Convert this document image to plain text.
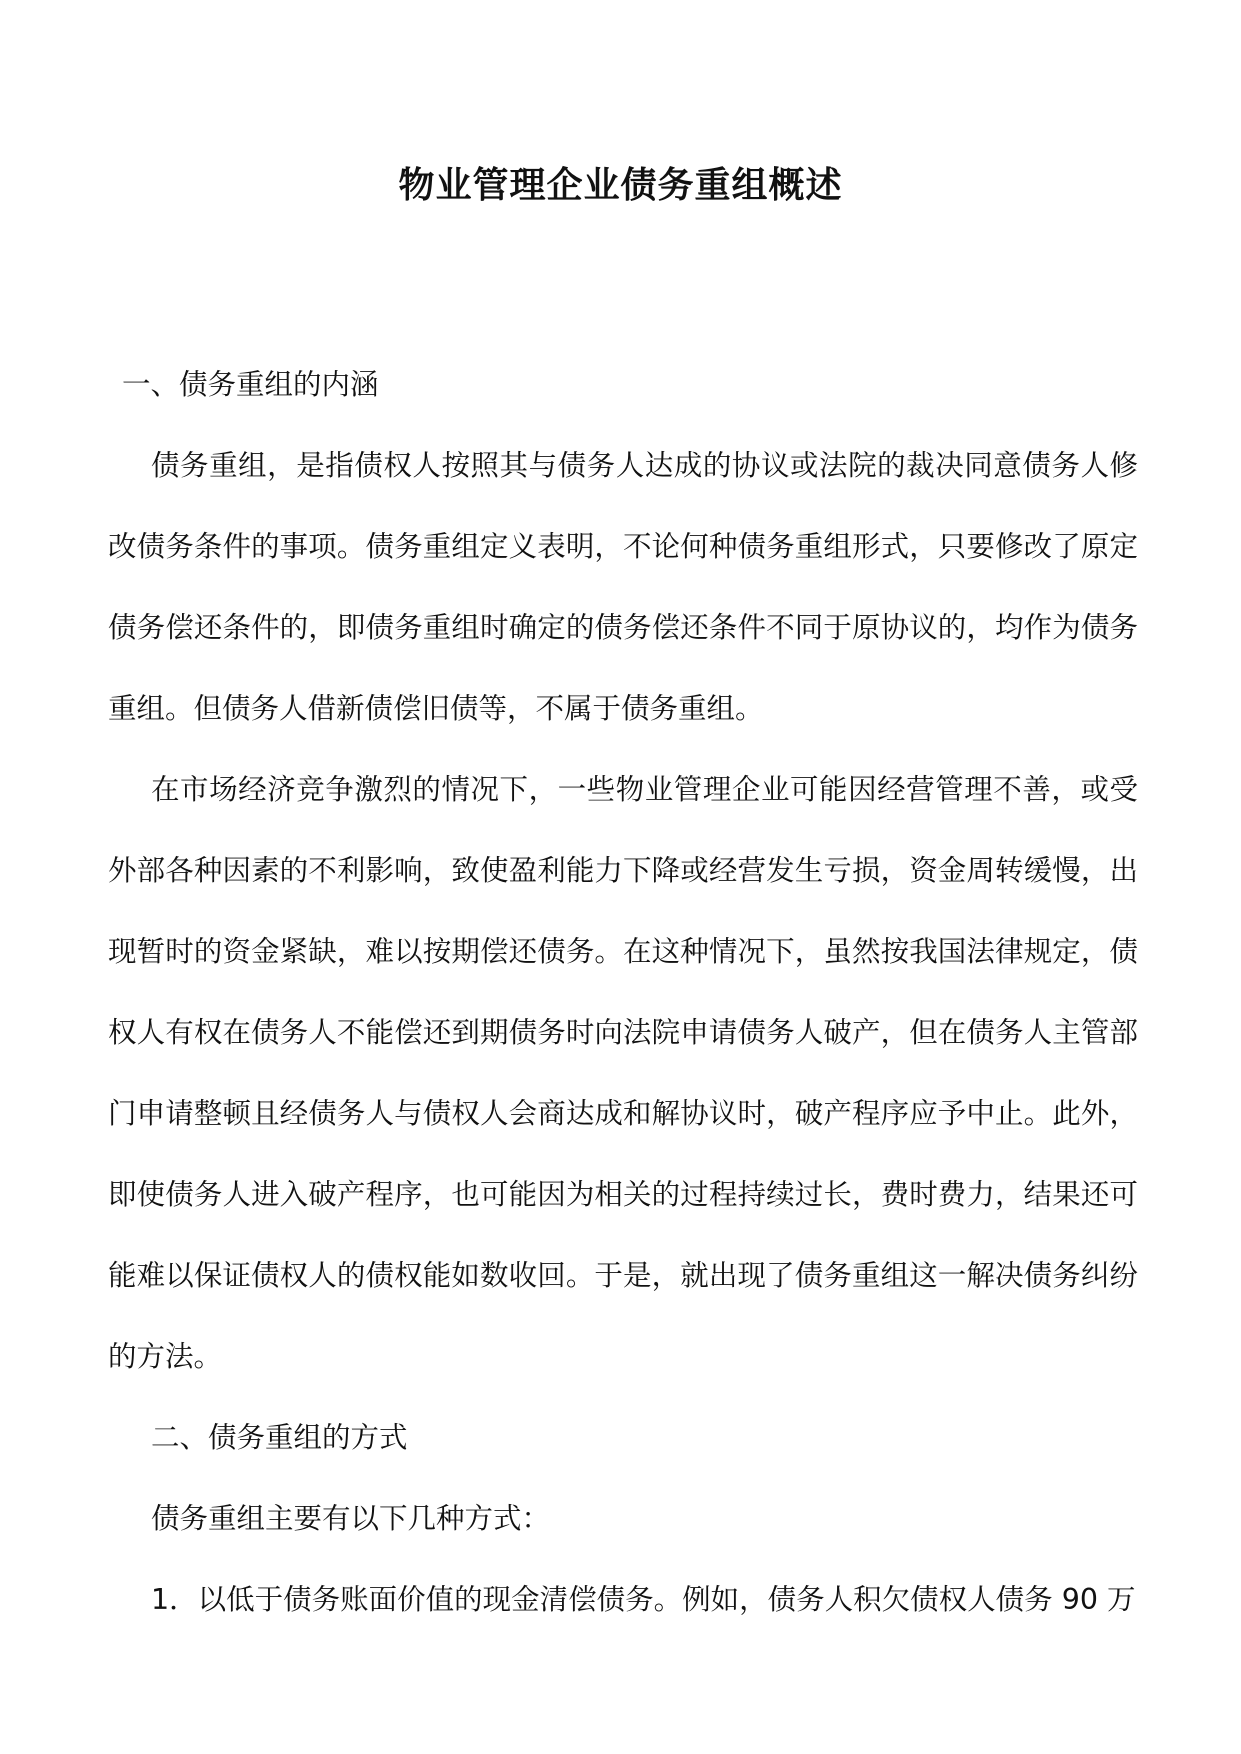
物业管理企业债务重组概述

一、债务重组的内涵

债务重组，是指债权人按照其与债务人达成的协议或法院的裁决同意债务人修改债务条件的事项。债务重组定义表明，不论何种债务重组形式，只要修改了原定债务偿还条件的，即债务重组时确定的债务偿还条件不同于原协议的，均作为债务重组。但债务人借新债偿旧债等，不属于债务重组。

在市场经济竞争激烈的情况下，一些物业管理企业可能因经营管理不善，或受外部各种因素的不利影响，致使盈利能力下降或经营发生亏损，资金周转缓慢，出现暂时的资金紧缺，难以按期偿还债务。在这种情况下，虽然按我国法律规定，债权人有权在债务人不能偿还到期债务时向法院申请债务人破产，但在债务人主管部门申请整顿且经债务人与债权人会商达成和解协议时，破产程序应予中止。此外，即使债务人进入破产程序，也可能因为相关的过程持续过长，费时费力，结果还可能难以保证债权人的债权能如数收回。于是，就出现了债务重组这一解决债务纠纷的方法。

二、债务重组的方式

债务重组主要有以下几种方式：

1．以低于债务账面价值的现金清偿债务。例如，债务人积欠债权人债务 90 万
